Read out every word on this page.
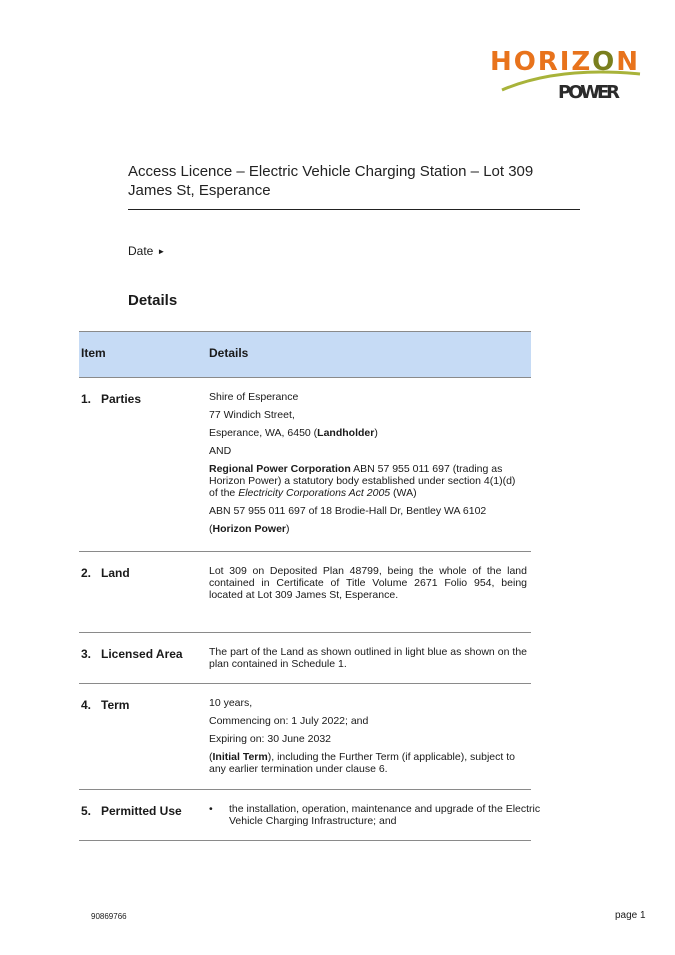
HORIZON
POWER
Access Licence – Electric Vehicle Charging Station – Lot 309 James St, Esperance
Date ►
Details
Item	Details
1. Parties	Shire of Esperance

77 Windich Street,

Esperance, WA, 6450 (Landholder)

AND

Regional Power Corporation ABN 57 955 011 697 (trading as Horizon Power) a statutory body established under section 4(1)(d) of the Electricity Corporations Act 2005 (WA)

ABN 57 955 011 697 of 18 Brodie-Hall Dr, Bentley WA 6102

(Horizon Power)

2. Land	Lot 309 on Deposited Plan 48799, being the whole of the land contained in Certificate of Title Volume 2671 Folio 954, being located at Lot 309 James St, Esperance.
3. Licensed Area	The part of the Land as shown outlined in light blue as shown on the plan contained in Schedule 1.
4. Term	10 years,

Commencing on: 1 July 2022; and

Expiring on: 30 June 2032

(Initial Term), including the Further Term (if applicable), subject to any earlier termination under clause 6.

5. Permitted Use	• the installation, operation, maintenance and upgrade of the Electric Vehicle Charging Infrastructure; and
90869766	page 1
